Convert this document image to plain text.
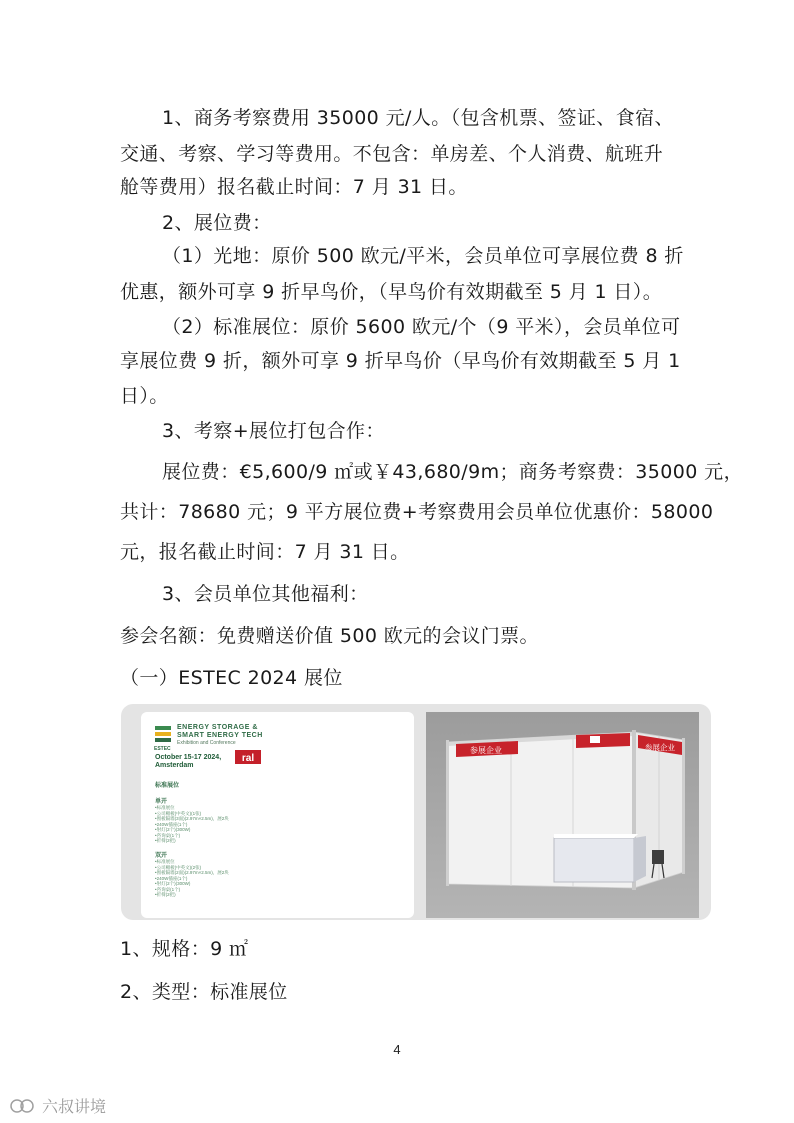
1、商务考察费用 35000 元/人。（包含机票、签证、食宿、
交通、考察、学习等费用。不包含：单房差、个人消费、航班升
舱等费用）报名截止时间：7 月 31 日。
2、展位费：
（1）光地：原价 500 欧元/平米，会员单位可享展位费 8 折
优惠，额外可享 9 折早鸟价，（早鸟价有效期截至 5 月 1 日）。
（2）标准展位：原价 5600 欧元/个（9 平米），会员单位可
享展位费 9 折，额外可享 9 折早鸟价（早鸟价有效期截至 5 月 1
日）。
3、考察+展位打包合作：
展位费：€5,600/9 ㎡或￥43,680/9m；商务考察费：35000 元，
共计：78680 元；9 平方展位费+考察费用会员单位优惠价：58000
元，报名截止时间：7 月 31 日。
3、会员单位其他福利：
参会名额：免费赠送价值 500 欧元的会议门票。
（一）ESTEC 2024 展位
ENERGY STORAGE &
SMART ENERGY TECH
Exhibition and Conference
ESTEC
October 15-17 2024,
Amsterdam
ral
标准展位
单开
•标准展位
•公司楣板(中英文)(1张)
•围板隔墙(3面)(2.97m×2.5m)，展2块
•240W插座(1个)
•射灯(2个)(300W)
•咨询桌(1个)
•折椅(2把)
双开
•标准展位
•公司楣板(中英文)(2张)
•围板隔墙(2面)(2.97m×2.5m)，展2块
•240W插座(1个)
•射灯(2个)(300W)
•咨询桌(1个)
•折椅(2把)
参展企业	参展企业
1、规格：9 ㎡
2、类型：标准展位
4
六叔讲境
